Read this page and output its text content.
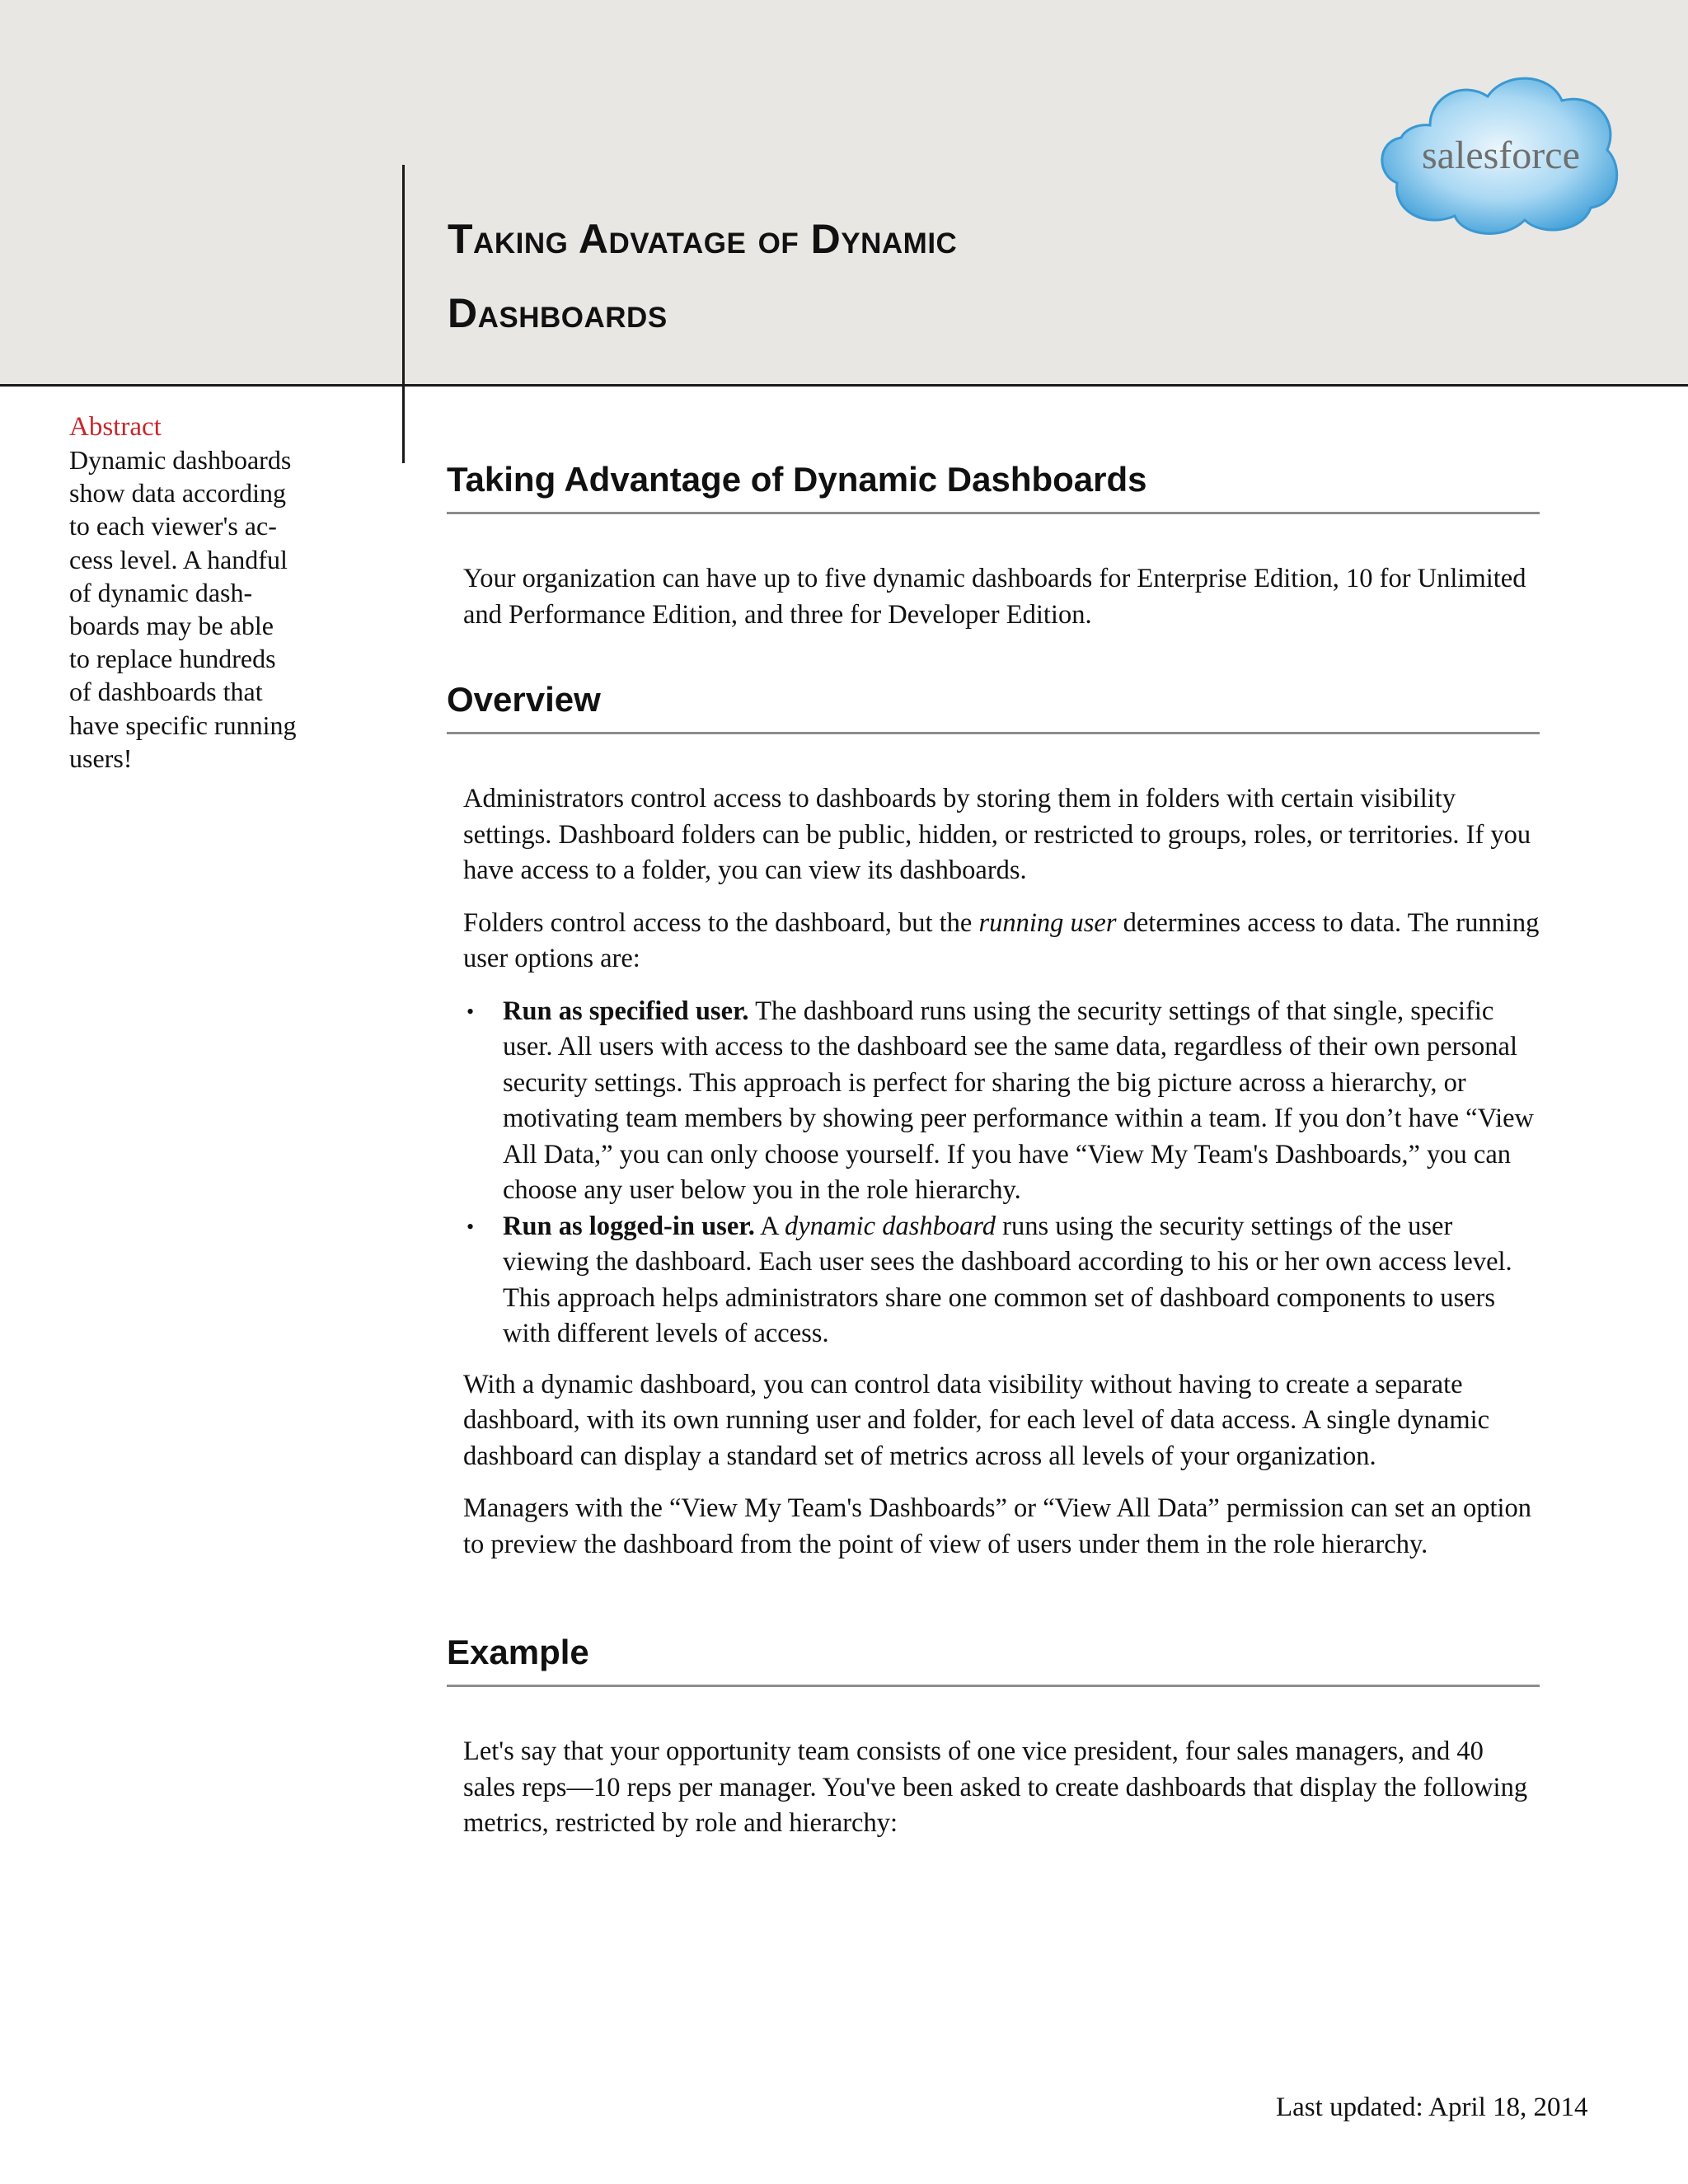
Taking Advatage of Dynamic
Dashboards
salesforce

Abstract

Dynamic dashboards
show data according
to each viewer's ac-
cess level. A handful
of dynamic dash-
boards may be able
to replace hundreds
of dashboards that
have specific running
users!

Taking Advantage of Dynamic Dashboards

Your organization can have up to five dynamic dashboards for Enterprise Edition, 10 for Unlimited and Performance Edition, and three for Developer Edition.

Overview

Administrators control access to dashboards by storing them in folders with certain visibility settings. Dashboard folders can be public, hidden, or restricted to groups, roles, or territories. If you have access to a folder, you can view its dashboards.

Folders control access to the dashboard, but the running user determines access to data. The running user options are:

• Run as specified user. The dashboard runs using the security settings of that single, specific user. All users with access to the dashboard see the same data, regardless of their own personal security settings. This approach is perfect for sharing the big picture across a hierarchy, or motivating team members by showing peer performance within a team. If you don’t have “View All Data,” you can only choose yourself. If you have “View My Team's Dashboards,” you can choose any user below you in the role hierarchy.
• Run as logged-in user. A dynamic dashboard runs using the security settings of the user viewing the dashboard. Each user sees the dashboard according to his or her own access level. This approach helps administrators share one common set of dashboard components to users with different levels of access.

With a dynamic dashboard, you can control data visibility without having to create a separate dashboard, with its own running user and folder, for each level of data access. A single dynamic dashboard can display a standard set of metrics across all levels of your organization.

Managers with the “View My Team's Dashboards” or “View All Data” permission can set an option to preview the dashboard from the point of view of users under them in the role hierarchy.

Example

Let's say that your opportunity team consists of one vice president, four sales managers, and 40 sales reps—10 reps per manager. You've been asked to create dashboards that display the following metrics, restricted by role and hierarchy:

Last updated: April 18, 2014
